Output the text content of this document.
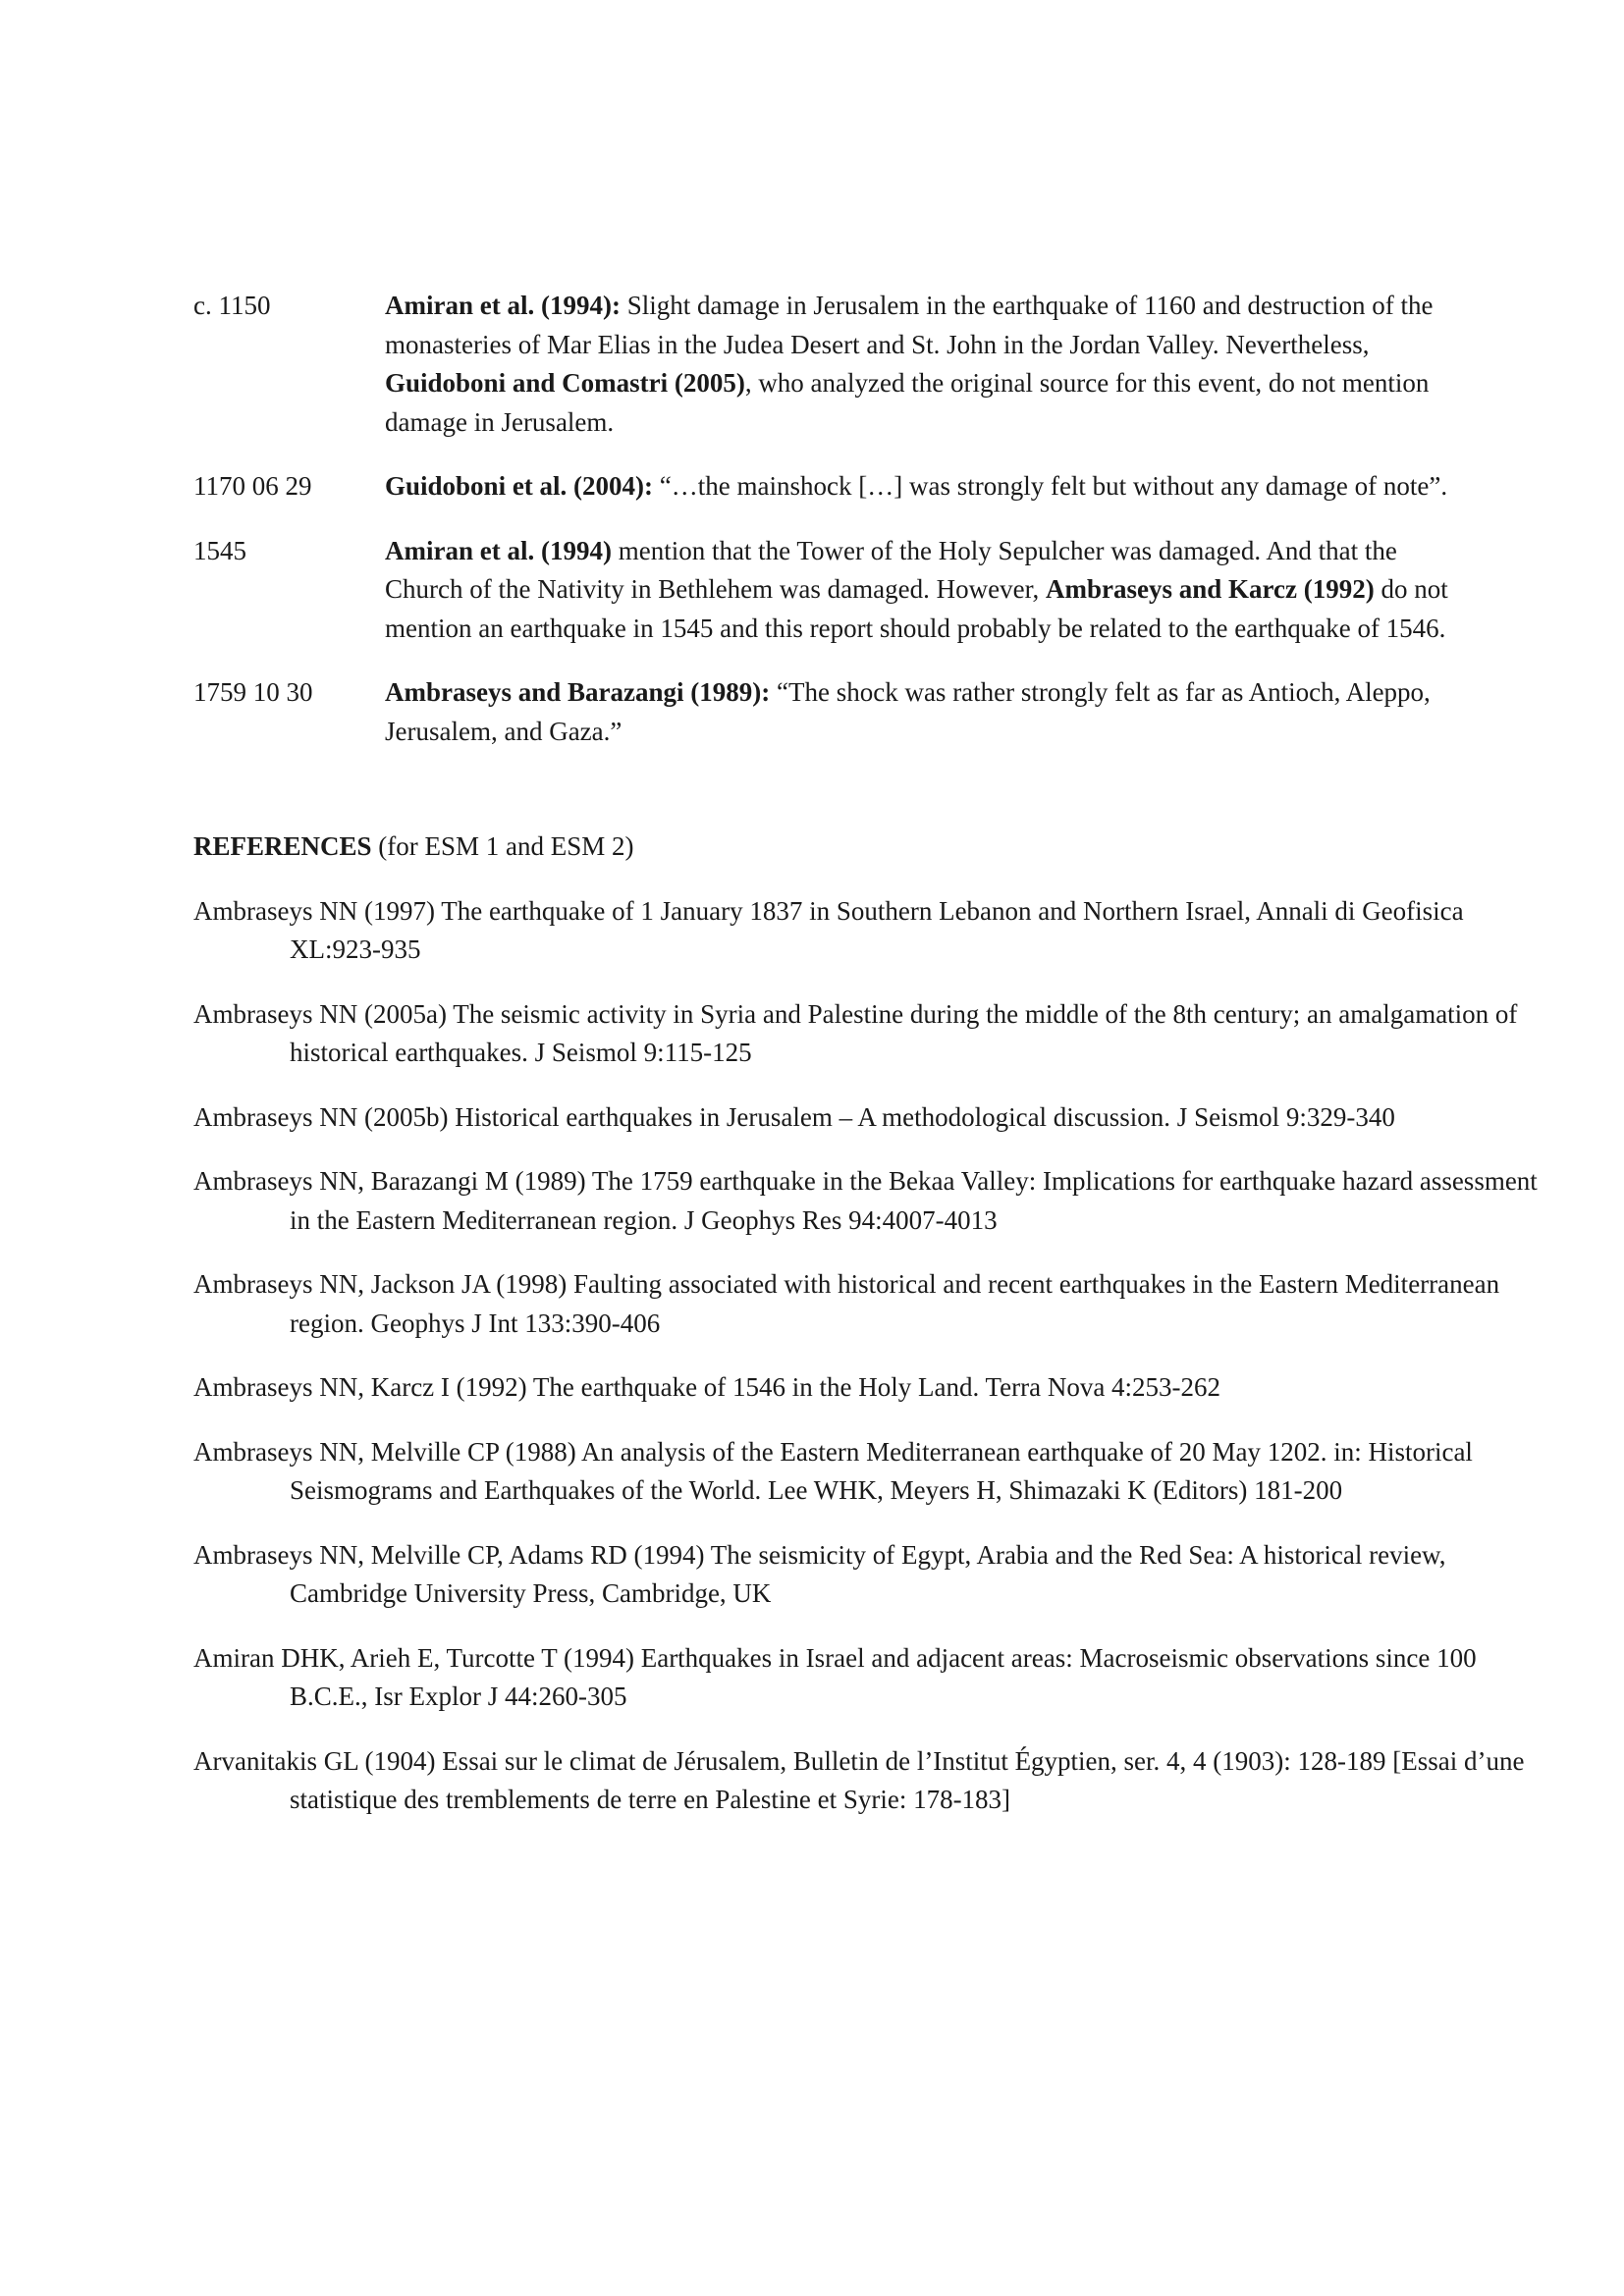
c. 1150	Amiran et al. (1994): Slight damage in Jerusalem in the earthquake of 1160 and destruction of the monasteries of Mar Elias in the Judea Desert and St. John in the Jordan Valley. Nevertheless, Guidoboni and Comastri (2005), who analyzed the original source for this event, do not mention damage in Jerusalem.
1170 06 29	Guidoboni et al. (2004): “…the mainshock […] was strongly felt but without any damage of note”.
1545	Amiran et al. (1994) mention that the Tower of the Holy Sepulcher was damaged. And that the Church of the Nativity in Bethlehem was damaged. However, Ambraseys and Karcz (1992) do not mention an earthquake in 1545 and this report should probably be related to the earthquake of 1546.
1759 10 30	Ambraseys and Barazangi (1989): “The shock was rather strongly felt as far as Antioch, Aleppo, Jerusalem, and Gaza.”
REFERENCES (for ESM 1 and ESM 2)
Ambraseys NN (1997) The earthquake of 1 January 1837 in Southern Lebanon and Northern Israel, Annali di Geofisica XL:923-935
Ambraseys NN (2005a) The seismic activity in Syria and Palestine during the middle of the 8th century; an amalgamation of historical earthquakes. J Seismol 9:115-125
Ambraseys NN (2005b) Historical earthquakes in Jerusalem – A methodological discussion. J Seismol 9:329-340
Ambraseys NN, Barazangi M (1989) The 1759 earthquake in the Bekaa Valley: Implications for earthquake hazard assessment in the Eastern Mediterranean region. J Geophys Res 94:4007-4013
Ambraseys NN, Jackson JA (1998) Faulting associated with historical and recent earthquakes in the Eastern Mediterranean region. Geophys J Int 133:390-406
Ambraseys NN, Karcz I (1992) The earthquake of 1546 in the Holy Land. Terra Nova 4:253-262
Ambraseys NN, Melville CP (1988) An analysis of the Eastern Mediterranean earthquake of 20 May 1202. in: Historical Seismograms and Earthquakes of the World. Lee WHK, Meyers H, Shimazaki K (Editors) 181-200
Ambraseys NN, Melville CP, Adams RD (1994) The seismicity of Egypt, Arabia and the Red Sea: A historical review, Cambridge University Press, Cambridge, UK
Amiran DHK, Arieh E, Turcotte T (1994) Earthquakes in Israel and adjacent areas: Macroseismic observations since 100 B.C.E., Isr Explor J 44:260-305
Arvanitakis GL (1904) Essai sur le climat de Jérusalem, Bulletin de l’Institut Égyptien, ser. 4, 4 (1903): 128-189 [Essai d’une statistique des tremblements de terre en Palestine et Syrie: 178-183]
